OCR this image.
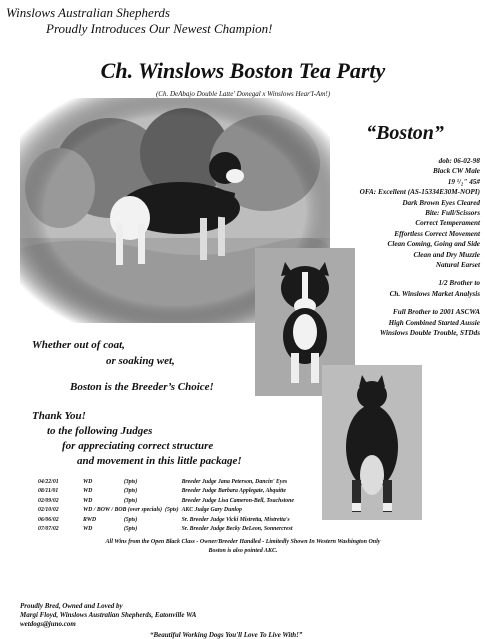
Winslows Australian Shepherds
Proudly Introduces Our Newest Champion!
Ch. Winslows Boston Tea Party
(Ch. DeAbajo Double Latte' Donegal x Winslows Hear'I-Am!)
“Boston”
dob: 06-02-98
Black CW Male
19 ¹/₂" 45#
OFA: Excellent (AS-15334E30M-NOPI)
Dark Brown Eyes Cleared
Bite: Full/Scissors
Correct Temperament
Effortless Correct Movement
Clean Coming, Going and Side
Clean and Dry Muzzle
Natural Earset
1/2 Brother to
Ch. Winslows Market Analysis
Full Brother to 2001 ASCWA
High Combined Started Aussie
Winslows Double Trouble, STDds
Whether out of coat,
or soaking wet,
Boston is the Breeder’s Choice!
Thank You!
to the following Judges
for appreciating correct structure
and movement in this little package!
04/22/01	WD	(3pts)	Breeder Judge Jana Peterson, Dancin' Eyes
08/11/01	WD	(3pts)	Breeder Judge Barbara Applegate, Abquitte
02/09/02	WD	(3pts)	Breeder Judge Lisa Cameron-Bell, Touchstone
02/10/02	WD / BOW / BOB (over specials) (5pts)		AKC Judge Gary Dunlop
06/06/02	RWD	(5pts)	Sr. Breeder Judge Vicki Mistretta, Mistretta's
07/07/02	WD	(5pts)	Sr. Breeder Judge Becky DeLeon, Sonnercrest
All Wins from the Open Black Class - Owner/Breeder Handled - Limitedly Shown In Western Washington Only
Boston is also pointed AKC.
Proudly Bred, Owned and Loved by
Margi Floyd, Winslows Australian Shepherds, Eatonville WA
wetdogs@juno.com
“Beautiful Working Dogs You'll Love To Live With!”
